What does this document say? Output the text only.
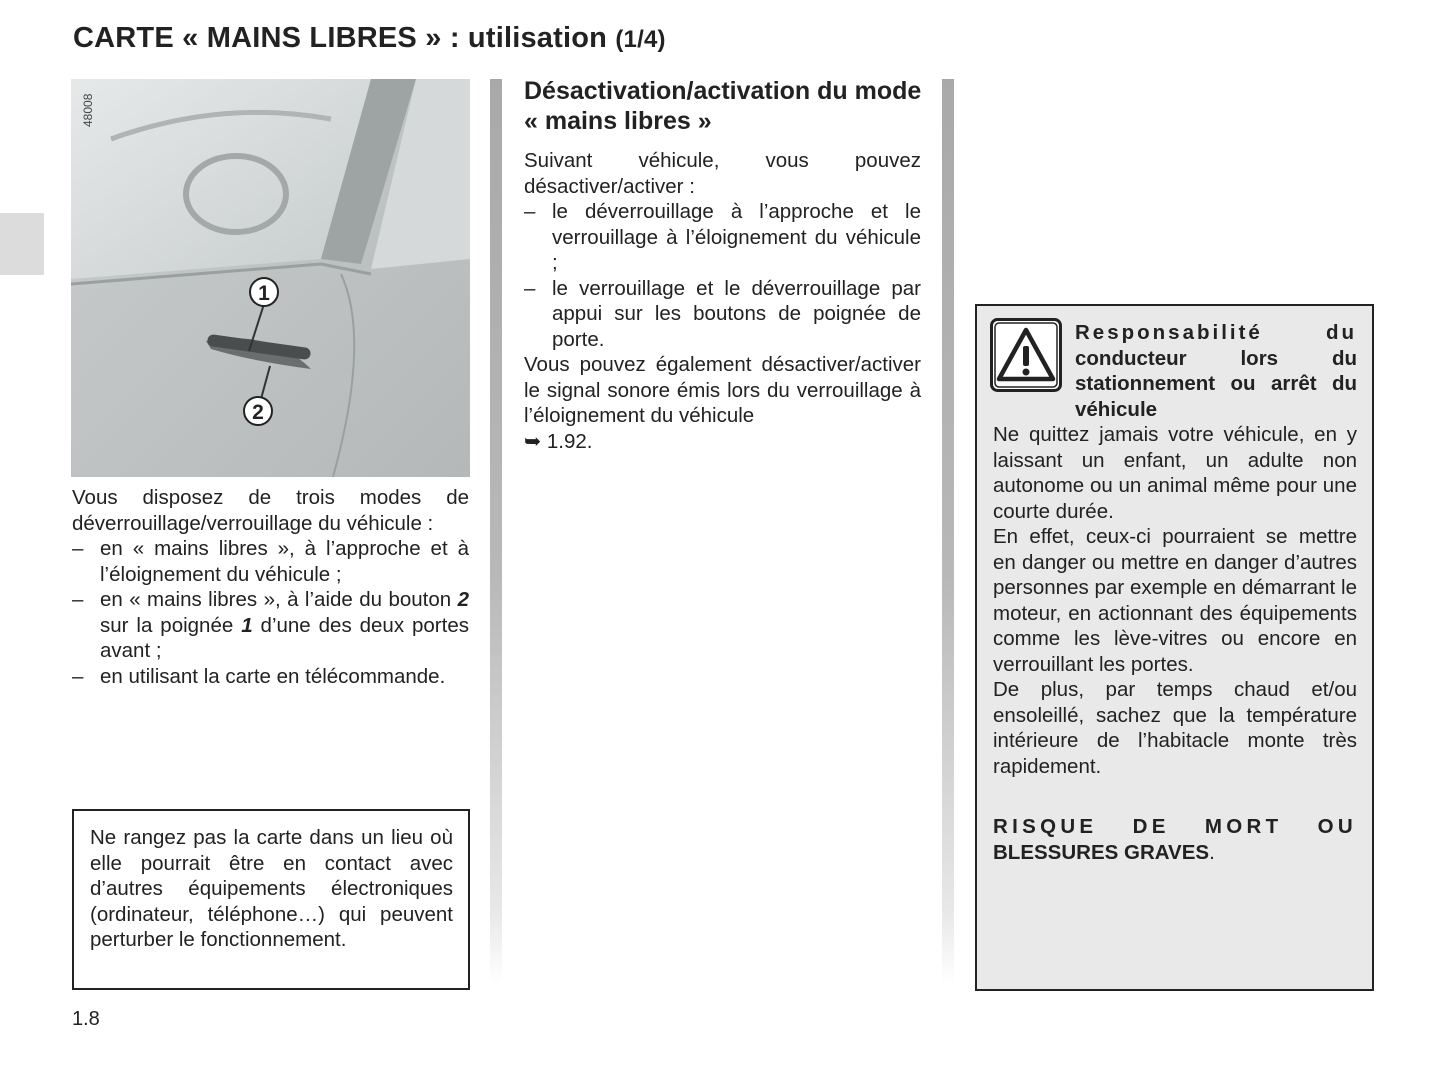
CARTE « MAINS LIBRES » : utilisation (1/4)
1
2
48008

Vous disposez de trois modes de déverrouillage/verrouillage du véhicule :

– en « mains libres », à l’approche et à l’éloignement du véhicule ;
– en « mains libres », à l’aide du bouton 2 sur la poignée 1 d’une des deux portes avant ;
– en utilisant la carte en télécommande.

Ne rangez pas la carte dans un lieu où elle pourrait être en contact avec d’autres équipements électroniques (ordinateur, téléphone…) qui peuvent perturber le fonctionnement.

Désactivation/activation du mode « mains libres »

Suivant véhicule, vous pouvez désactiver/activer :

– le déverrouillage à l’approche et le verrouillage à l’éloignement du véhicule ;
– le verrouillage et le déverrouillage par appui sur les boutons de poignée de porte.

Vous pouvez également désactiver/activer le signal sonore émis lors du verrouillage à l’éloignement du véhicule
➥ 1.92.

Responsabilité du conducteur lors du stationnement ou arrêt du véhicule

Ne quittez jamais votre véhicule, en y laissant un enfant, un adulte non autonome ou un animal même pour une courte durée.

En effet, ceux-ci pourraient se mettre en danger ou mettre en danger d’autres personnes par exemple en démarrant le moteur, en actionnant des équipements comme les lève-vitres ou encore en verrouillant les portes.

De plus, par temps chaud et/ou ensoleillé, sachez que la température intérieure de l’habitacle monte très rapidement.

RISQUE DE MORT OU
BLESSURES GRAVES.
1.8
